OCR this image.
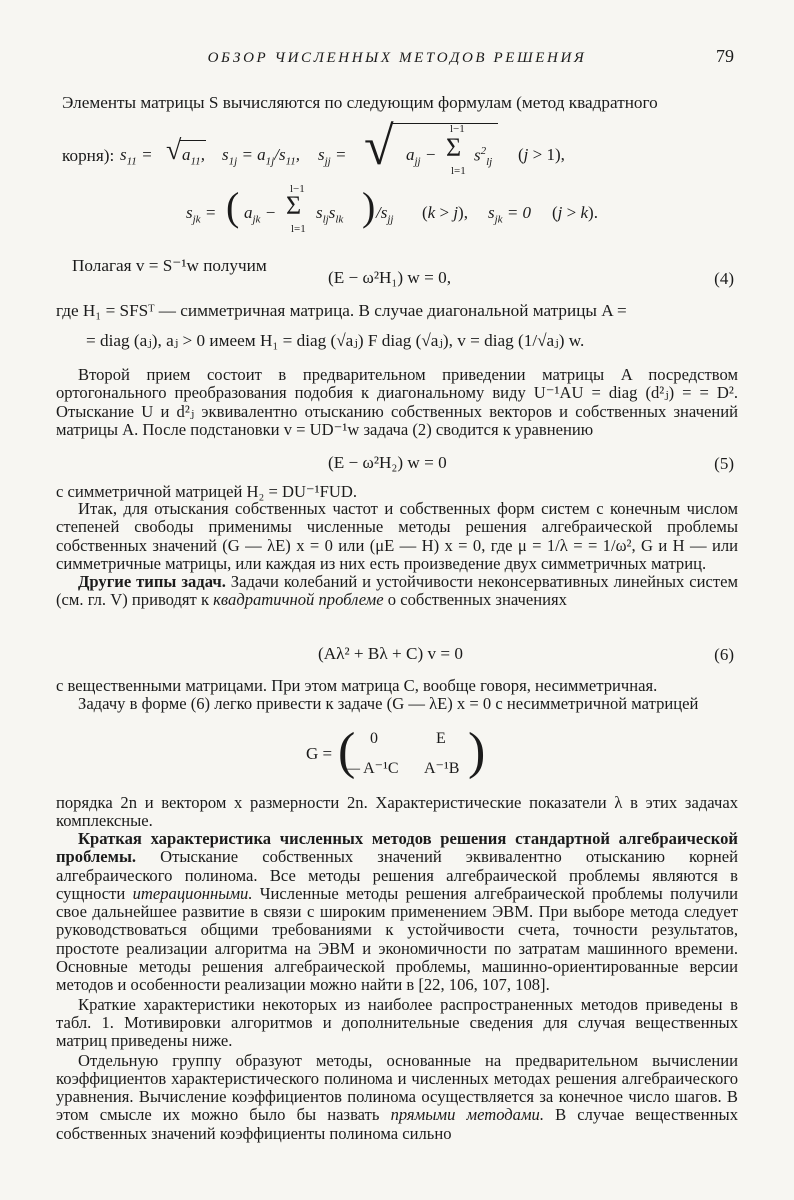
ОБЗОР ЧИСЛЕННЫХ МЕТОДОВ РЕШЕНИЯ	79
Элементы матрицы S вычисляются по следующим формулам (метод квадратного
корня): $s_{11}$ = √ $a_{11}$, $s_{1j} = a_{1j}/s_{11}$, $s_{jj}$ = √ $a_{jj}$ −
l−1
Σ
l=1
$s^2_{lj}$ (j > 1),
$s_{jk}$ = ( $a_{jk}$ −
l−1
Σ
l=1
$s_{lj}s_{lk}$ ) $/s_{jj}$ (k > j), $s_{jk} = 0$ (j > k).
Полагая v = S⁻¹w получим
(E − ω²H₁) w = 0,	(4)
где H₁ = SFSᵀ — симметричная матрица. В случае диагональной матрицы A =
= diag (aⱼ), aⱼ > 0 имеем H₁ = diag (√aⱼ) F diag (√aⱼ), v = diag (1/√aⱼ) w.

Второй прием состоит в предварительном приведении матрицы A посредством ортогонального преобразования подобия к диагональному виду U⁻¹AU = diag (d²ⱼ) = = D². Отыскание U и d²ⱼ эквивалентно отысканию собственных векторов и собственных значений матрицы A. После подстановки v = UD⁻¹w задача (2) сводится к уравнению

(E − ω²H₂) w = 0	(5)
с симметричной матрицей H₂ = DU⁻¹FUD.

Итак, для отыскания собственных частот и собственных форм систем с конечным числом степеней свободы применимы численные методы решения алгебраической проблемы собственных значений (G — λE) x = 0 или (μE — H) x = 0, где μ = 1/λ = = 1/ω², G и H — или симметричные матрицы, или каждая из них есть произведение двух симметричных матриц.

Другие типы задач. Задачи колебаний и устойчивости неконсервативных линейных систем (см. гл. V) приводят к квадратичной проблеме о собственных значениях

(Aλ² + Bλ + C) v = 0	(6)

с вещественными матрицами. При этом матрица C, вообще говоря, несимметричная.

Задачу в форме (6) легко привести к задаче (G — λE) x = 0 с несимметричной матрицей

G = ( 0	E
— A⁻¹C A⁻¹B )

порядка 2n и вектором x размерности 2n. Характеристические показатели λ в этих задачах комплексные.

Краткая характеристика численных методов решения стандартной алгебраической проблемы. Отыскание собственных значений эквивалентно отысканию корней алгебраического полинома. Все методы решения алгебраической проблемы являются в сущности итерационными. Численные методы решения алгебраической проблемы получили свое дальнейшее развитие в связи с широким применением ЭВМ. При выборе метода следует руководствоваться общими требованиями к устойчивости счета, точности результатов, простоте реализации алгоритма на ЭВМ и экономичности по затратам машинного времени. Основные методы решения алгебраической проблемы, машинно-ориентированные версии методов и особенности реализации можно найти в [22, 106, 107, 108].

Краткие характеристики некоторых из наиболее распространенных методов приведены в табл. 1. Мотивировки алгоритмов и дополнительные сведения для случая вещественных матриц приведены ниже.

Отдельную группу образуют методы, основанные на предварительном вычислении коэффициентов характеристического полинома и численных методах решения алгебраического уравнения. Вычисление коэффициентов полинома осуществляется за конечное число шагов. В этом смысле их можно было бы назвать прямыми методами. В случае вещественных собственных значений коэффициенты полинома сильно
